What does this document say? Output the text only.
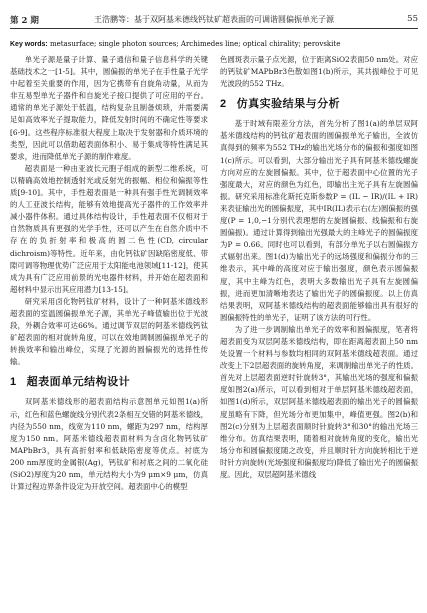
第 2 期	王浩鹏等：基于双阿基米德线钙钛矿超表面的可调谐圆偏振单光子源	55
Key words: metasurface; single photon sources; Archimedes line; optical chirality; perovskite

单光子源是量子计算、量子通信和量子信息科学的关键基础技术之一[1-5]。其中，圆偏振的单光子在手性量子光学中起着至关重要的作用，因为它携带有自旋角动量，从而为非互易型单光子器件和自旋光子接口提供了可应用的平台。通常的单光子源处于低温，结构复杂且制备烦琐，并需要满足如高效率光子提取能力，降低发射时间的不确定性等要求[6-9]。这些程序标准很大程度上取决于发射器和介质环境的类型，因此可以借助超表面体积小、易于集成等特性满足其要求，进而降低单光子源的制作难度。

超表面是一种由亚波长元胞子组成的新型二维系统，可以精确高效地控制透射光或反射光的振幅、相位和偏振等性质[9-10]。其中，手性超表面是一种具有强手性光调制效率的人工亚波长结构，能够有效地提高光子器件的工作效率并减小器件体积。通过具体结构设计，手性超表面不仅相对于自然物质具有更强的光学手性，还可以产生在自然介质中不存在的负折射率和极高的圆二色性(CD, circular dichroism)等特性。近年来，由化钙钛矿因缺陷密度低、带隙可调等物理优势广泛应用于太阳能电池领域[11-12]，使其成为具有广泛应用前景的光电器件材料，并开始在超表面和超材料中显示出其应用潜力[13-15]。

研究采用卤化物钙钛矿材料，设计了一种阿基米德线形超表面的室温圆偏振单光子源，其单光子峰值输出位于光波段，外耦合效率可达66%。通过调节双层的阿基米德线钙钛矿超表面的相对旋转角度，可以在效地调制圆偏振单光子的转换效率和输出峰位，实现了光源的圆偏振光的选择性传输。

1 超表面单元结构设计

双阿基米德线形的超表面结构示意图单元如图1(a)所示，红色和蓝色螺旋线分别代表2条相互交错的阿基米德线，内径为550 nm，线宽为110 nm，螺距为297 nm，结构厚度为150 nm。阿基米德线超表面材料为含卤化物钙钛矿MAPbBr3，具有高折射率和低缺陷密度等优点。衬底为200 nm厚度的金属银(Ag)，钙钛矿和衬底之间的二氧化硅(SiO2)厚度为20 nm，单元结构大小为9 μm×9 μm，仿真计算过程边界条件设定为开放空间。超表面中心的模型

色圆斑表示量子点光源，位于距离SiO2表面50 nm处。对应的钙钛矿MAPbBr3色散如图1(b)所示，其共振峰位于可见光波段的552 THz。

2 仿真实验结果与分析

基于时域有限差分方法，首先分析了图1(a)的单层双阿基米德线结构的钙钛矿超表面的圆偏振单光子输出，全波仿真得到的频率为552 THz的输出光场分布的偏振和强度如图1(c)所示。可以看到，大部分输出光子具有阿基米德线螺旋方向对应的左旋圆偏振。其中，位于超表面中心位置的光子强度最大，对应的颜色为红色，即输出主光子具有左旋圆偏振。研究采用标准化斯托克斯参数P = (IL − IR)/(IL + IR)来表征输出光的圆偏振度，其中IR(IL)表示右(左)圆偏振的强度(P = 1,0,−1分别代表理想的左旋圆偏振、线偏振和右旋圆偏振)。通过计算得到输出光强最大的主峰光子的圆偏振度为P = 0.66。同时也可以看到，有部分单光子以右圆偏振方式辐射出来。图1(d)为输出光子的远场强度和偏振分布的三维表示，其中峰的高度对应于输出强度，颜色表示圆偏振度，其中主峰为红色，表明大多数输出光子具有左旋圆偏振，进而更加清晰地表达了输出光子的圆偏振度。以上仿真结果表明，双阿基米德线结构的超表面能够输出具有很好的圆偏振特性的单光子，证明了该方法的可行性。

为了进一步调制输出单光子的效率和圆偏振度，笔者将超表面变为双层阿基米德线结构，即在距离超表面上50 nm处设置一个材料与参数均相同的双阿基米德线超表面。通过改变上下2层超表面的旋转角度，来调制输出单光子的性质。首先对上层超表面逆时针旋转3°，其输出光场的强度和偏振度如图2(a)所示，可以看到相对于单层阿基米德线超表面，如图1(d)所示，双层阿基米德线超表面的输出光子的圆偏振度虽略有下降，但光场分布更加集中，峰值更强。图2(b)和图2(c)分别为上层超表面顺时针旋转3°和30°的输出光场三维分布。仿真结果表明，随着相对旋转角度的变化，输出光场分布和圆偏振度随之改变，并且顺时针方向旋转相比于逆时针方向旋转(光场强度和偏振度均)降低了输出光子的圆偏振度。因此，双层超阿基米德线
